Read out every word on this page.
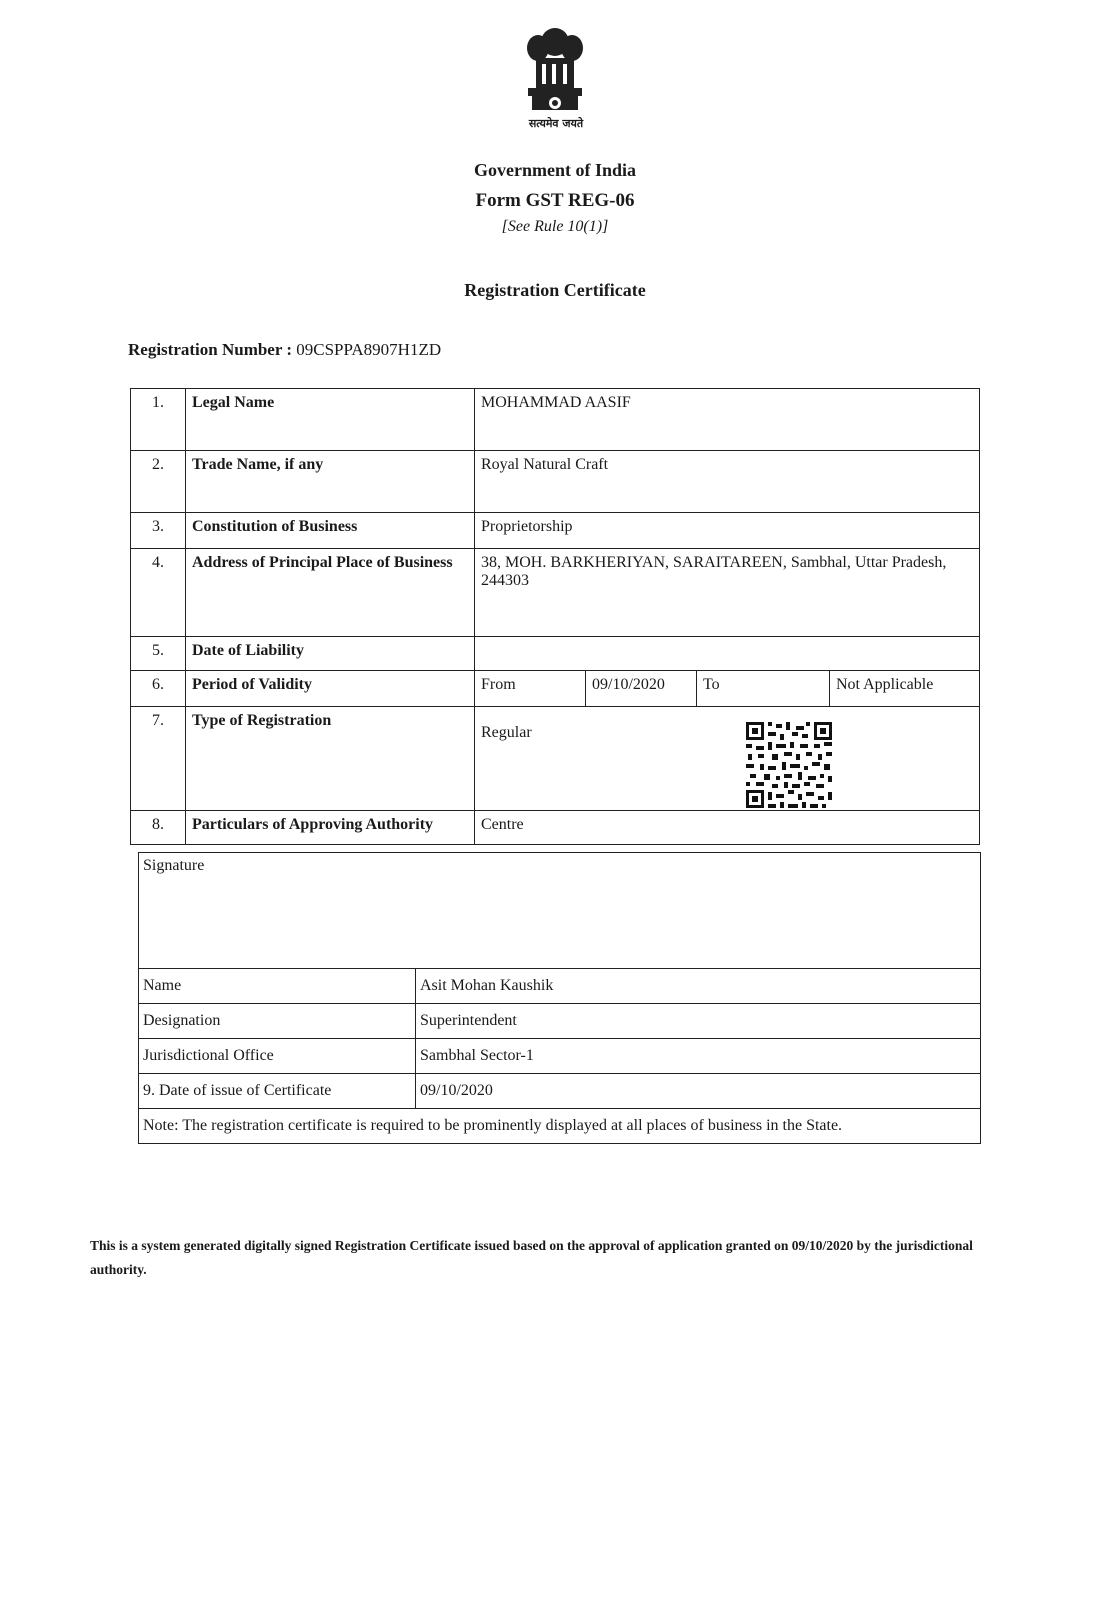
सत्यमेव जयते
Government of India
Form GST REG-06
[See Rule 10(1)]
Registration Certificate
Registration Number : 09CSPPA8907H1ZD
1.	Legal Name	MOHAMMAD AASIF			
2.	Trade Name, if any	Royal Natural Craft			
3.	Constitution of Business	Proprietorship			
4.	Address of Principal Place of Business	38, MOH. BARKHERIYAN, SARAITAREEN, Sambhal, Uttar Pradesh, 244303			
5.	Date of Liability				
6.	Period of Validity	From	09/10/2020	To	Not Applicable
7.	Type of Registration	Regular			

8.	Particulars of Approving Authority	Centre			
Signature	
Name	Asit Mohan Kaushik
Designation	Superintendent
Jurisdictional Office	Sambhal Sector-1
9. Date of issue of Certificate	09/10/2020
Note: The registration certificate is required to be prominently displayed at all places of business in the State.	
This is a system generated digitally signed Registration Certificate issued based on the approval of application granted on 09/10/2020 by the jurisdictional authority.
